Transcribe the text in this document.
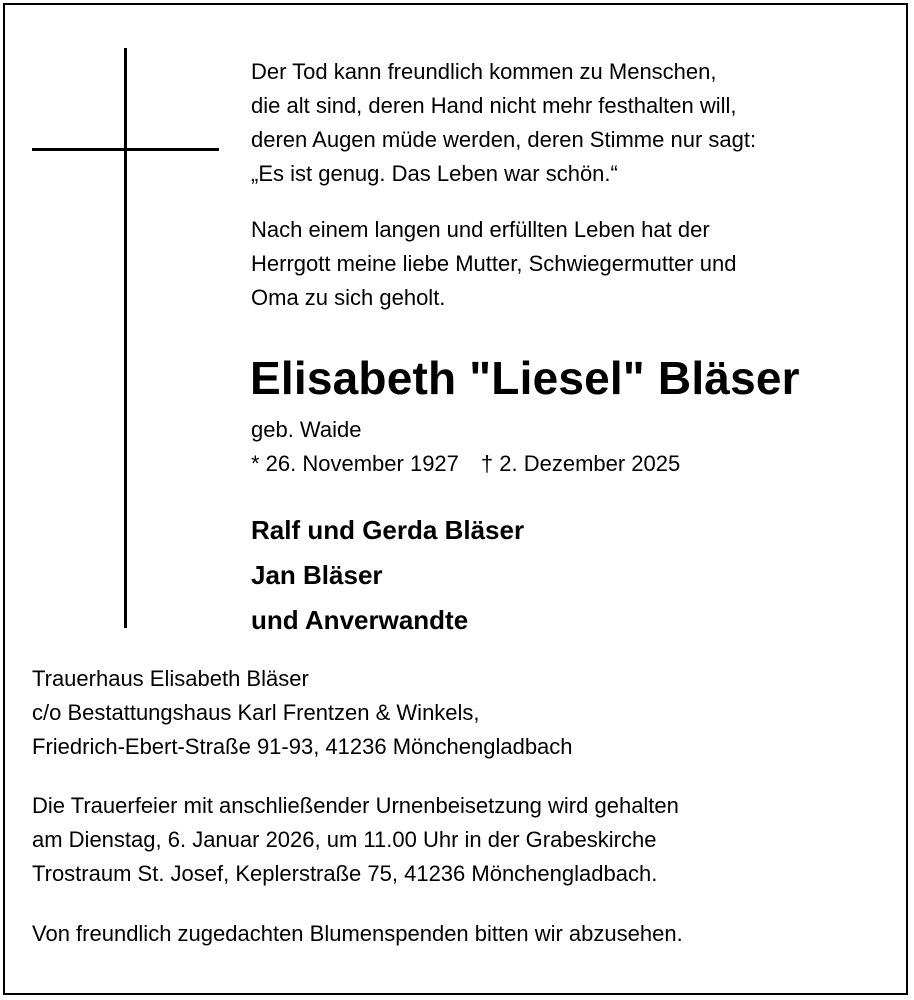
Der Tod kann freundlich kommen zu Menschen,
die alt sind, deren Hand nicht mehr festhalten will,
deren Augen müde werden, deren Stimme nur sagt:
„Es ist genug. Das Leben war schön.“
Nach einem langen und erfüllten Leben hat der
Herrgott meine liebe Mutter, Schwiegermutter und
Oma zu sich geholt.
Elisabeth "Liesel" Bläser
geb. Waide
* 26. November 1927 † 2. Dezember 2025
Ralf und Gerda Bläser
Jan Bläser
und Anverwandte
Trauerhaus Elisabeth Bläser
c/o Bestattungshaus Karl Frentzen & Winkels,
Friedrich-Ebert-Straße 91-93, 41236 Mönchengladbach
Die Trauerfeier mit anschließender Urnenbeisetzung wird gehalten
am Dienstag, 6. Januar 2026, um 11.00 Uhr in der Grabeskirche
Trostraum St. Josef, Keplerstraße 75, 41236 Mönchengladbach.
Von freundlich zugedachten Blumenspenden bitten wir abzusehen.
